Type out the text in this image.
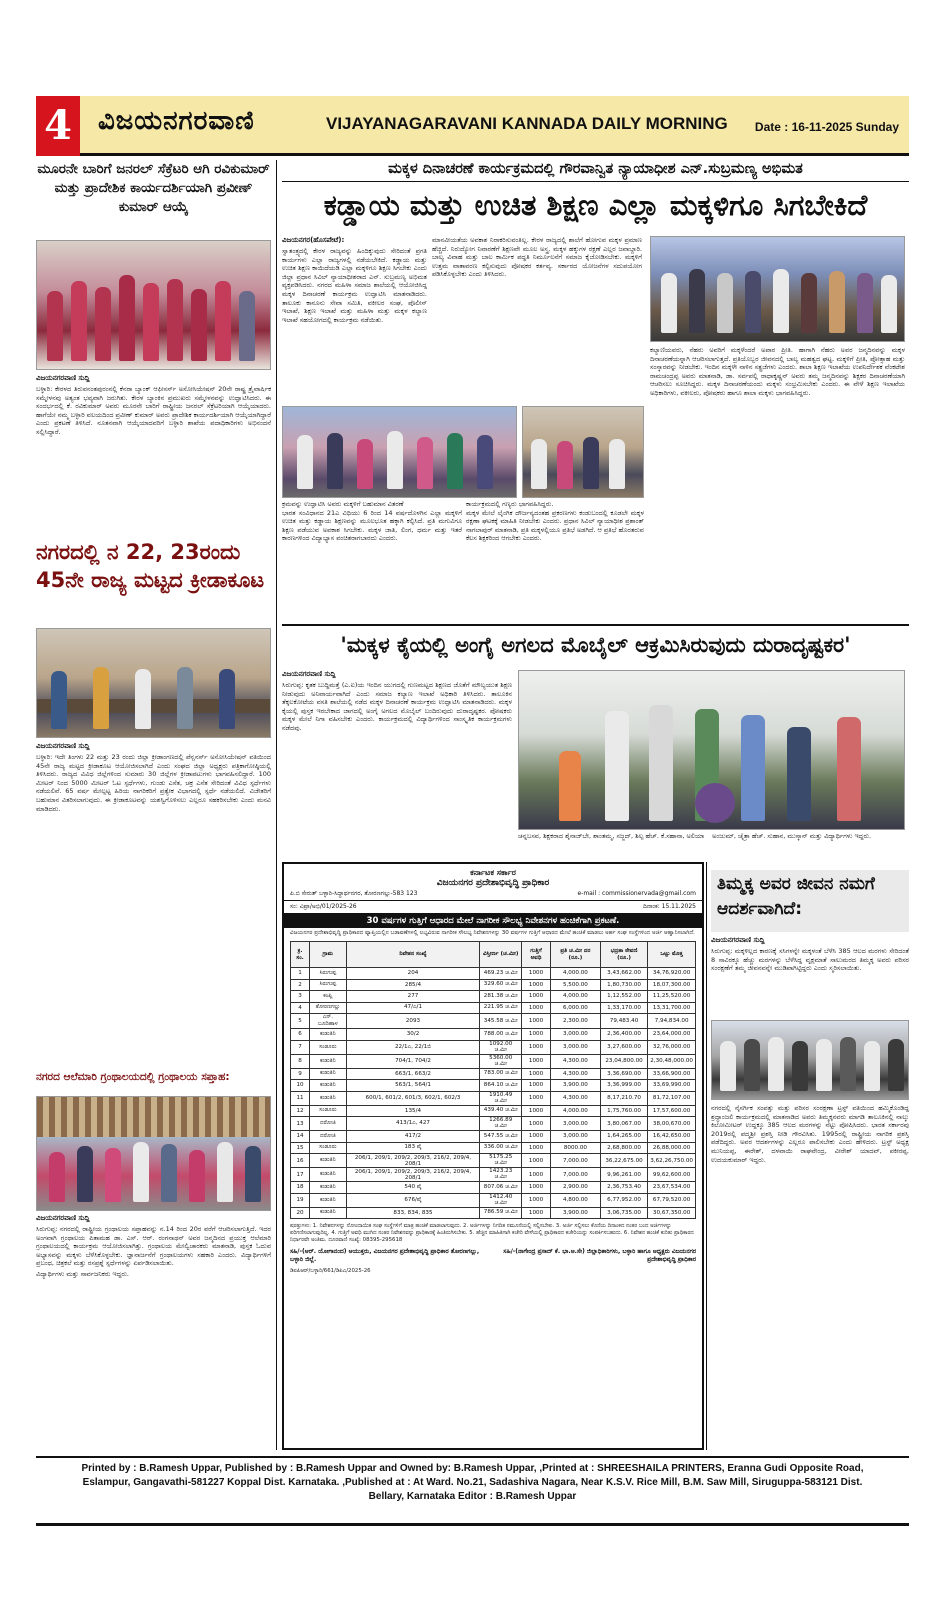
4	ವಿಜಯನಗರವಾಣಿ	VIJAYANAGARAVANI KANNADA DAILY MORNING Date : 16-11-2025 Sunday
ಮೂರನೇ ಬಾರಿಗೆ ಜನರಲ್ ಸೆಕ್ರೆಟರಿ ಆಗಿ ರವಿಕುಮಾರ್ ಮತ್ತು ಪ್ರಾದೇಶಿಕ ಕಾರ್ಯದರ್ಶಿಯಾಗಿ ಪ್ರವೀಣ್ ಕುಮಾರ್ ಆಯ್ಕೆ
ವಿಜಯನಗರವಾಣಿ ಸುದ್ದಿ
ಬಳ್ಳಾರಿ: ಕೇರಳದ ತಿರುವನಂತಪುರಂನಲ್ಲಿ ಕೆನರಾ ಬ್ಯಾಂಕ್ ಆಫೀಸರ್ಸ್ ಅಸೋಸಿಯೇಷನ್ 20ನೇ ರಾಷ್ಟ್ರ ತ್ರೈವಾರ್ಷಿಕ ಸಮ್ಮೇಳನವು ಅತ್ಯಂತ ಭವ್ಯವಾಗಿ ಜರುಗಿತು. ಕೇರಳ ಬ್ಯಾಂಕಿನ ಪ್ರಮುಖರು ಸಮ್ಮೇಳನವನ್ನು ಉದ್ಘಾಟಿಸಿದರು. ಈ ಸಂದರ್ಭದಲ್ಲಿ ಕೆ. ರವಿಕುಮಾರ್ ಅವರು ಮೂರನೇ ಬಾರಿಗೆ ರಾಷ್ಟ್ರೀಯ ಜನರಲ್ ಸೆಕ್ರೆಟರಿಯಾಗಿ ಆಯ್ಕೆಯಾದರು. ಹಾಗೆಯೇ ನಮ್ಮ ಬಳ್ಳಾರಿ ವಲಯದಿಂದ ಪ್ರವೀಣ್ ಕುಮಾರ್ ಅವರು ಪ್ರಾದೇಶಿಕ ಕಾರ್ಯದರ್ಶಿಯಾಗಿ ಆಯ್ಕೆಯಾಗಿದ್ದಾರೆ ಎಂದು ಪ್ರಕಟಣೆ ತಿಳಿಸಿದೆ. ನೂತನವಾಗಿ ಆಯ್ಕೆಯಾದವರಿಗೆ ಬಳ್ಳಾರಿ ಶಾಖೆಯ ಪದಾಧಿಕಾರಿಗಳು ಅಭಿನಂದನೆ ಸಲ್ಲಿಸಿದ್ದಾರೆ.
ನಗರದಲ್ಲಿ ನ 22, 23ರಂದು 45ನೇ ರಾಜ್ಯ ಮಟ್ಟದ ಕ್ರೀಡಾಕೂಟ
ವಿಜಯನಗರವಾಣಿ ಸುದ್ದಿ
ಬಳ್ಳಾರಿ: ಇದೇ ತಿಂಗಳು 22 ಮತ್ತು 23 ರಂದು ಜಿಲ್ಲಾ ಕ್ರೀಡಾಂಗಣದಲ್ಲಿ ಪೆನ್ಷನರ್ಸ್ ಅಸೋಸಿಯೇಷನ್ ವತಿಯಿಂದ 45ನೇ ರಾಜ್ಯ ಮಟ್ಟದ ಕ್ರೀಡಾಕೂಟ ಆಯೋಜಿಸಲಾಗಿದೆ ಎಂದು ಸಂಘದ ಜಿಲ್ಲಾ ಅಧ್ಯಕ್ಷರು ಪತ್ರಿಕಾಗೋಷ್ಠಿಯಲ್ಲಿ ತಿಳಿಸಿದರು. ರಾಜ್ಯದ ವಿವಿಧ ಜಿಲ್ಲೆಗಳಿಂದ ಸುಮಾರು 30 ಜಿಲ್ಲೆಗಳ ಕ್ರೀಡಾಪಟುಗಳು ಭಾಗವಹಿಸಲಿದ್ದಾರೆ. 100 ಮೀಟರ್ ನಿಂದ 5000 ಮೀಟರ್ ಓಟ ಸ್ಪರ್ಧೆಗಳು, ಗುಂಡು ಎಸೆತ, ಚಕ್ರ ಎಸೆತ ಸೇರಿದಂತೆ ವಿವಿಧ ಸ್ಪರ್ಧೆಗಳು ನಡೆಯಲಿವೆ. 65 ವರ್ಷ ಮೇಲ್ಪಟ್ಟ ಹಿರಿಯ ನಾಗರಿಕರಿಗೆ ಪ್ರತ್ಯೇಕ ವಿಭಾಗದಲ್ಲಿ ಸ್ಪರ್ಧೆ ನಡೆಯಲಿದೆ. ವಿಜೇತರಿಗೆ ಬಹುಮಾನ ವಿತರಿಸಲಾಗುವುದು. ಈ ಕ್ರೀಡಾಕೂಟವನ್ನು ಯಶಸ್ವಿಗೊಳಿಸಲು ಎಲ್ಲರೂ ಸಹಕರಿಸಬೇಕು ಎಂದು ಮನವಿ ಮಾಡಿದರು.
ನಗರದ ಆಲೆಮಾರಿ ಗ್ರಂಥಾಲಯದಲ್ಲಿ ಗ್ರಂಥಾಲಯ ಸಪ್ತಾಹ:
ವಿಜಯನಗರವಾಣಿ ಸುದ್ದಿ
ಸಿರುಗುಪ್ಪ: ನಗರದಲ್ಲಿ ರಾಷ್ಟ್ರೀಯ ಗ್ರಂಥಾಲಯ ಸಪ್ತಾಹವನ್ನು ನ.14 ರಿಂದ 20ರ ವರೆಗೆ ಆಚರಿಸಲಾಗುತ್ತಿದೆ. ಇದರ ಅಂಗವಾಗಿ ಗ್ರಂಥಾಲಯ ಪಿತಾಮಹ ಡಾ. ಎಸ್. ಆರ್. ರಂಗನಾಥನ್ ಅವರ ಜನ್ಮದಿನದ ಪ್ರಯುಕ್ತ ಆಲೆಮಾರಿ ಗ್ರಂಥಾಲಯದಲ್ಲಿ ಕಾರ್ಯಕ್ರಮ ಆಯೋಜಿಸಲಾಗಿತ್ತು. ಗ್ರಂಥಾಲಯ ಮೇಲ್ವಿಚಾರಕರು ಮಾತನಾಡಿ, ಪುಸ್ತಕ ಓದುವ ಅಭ್ಯಾಸವನ್ನು ಮಕ್ಕಳು ಬೆಳೆಸಿಕೊಳ್ಳಬೇಕು. ಜ್ಞಾನಾರ್ಜನೆಗೆ ಗ್ರಂಥಾಲಯಗಳು ಸಹಕಾರಿ ಎಂದರು. ವಿದ್ಯಾರ್ಥಿಗಳಿಗೆ ಪ್ರಬಂಧ, ಚಿತ್ರಕಲೆ ಮತ್ತು ರಸಪ್ರಶ್ನೆ ಸ್ಪರ್ಧೆಗಳನ್ನು ಏರ್ಪಡಿಸಲಾಯಿತು.
ವಿದ್ಯಾರ್ಥಿಗಳು ಮತ್ತು ಸಾರ್ವಜನಿಕರು ಇದ್ದರು.
ಮಕ್ಕಳ ದಿನಾಚರಣೆ ಕಾರ್ಯಕ್ರಮದಲ್ಲಿ ಗೌರವಾನ್ವಿತ ನ್ಯಾಯಾಧೀಶ ಎನ್.ಸುಬ್ರಮಣ್ಯ ಅಭಿಮತ
ಕಡ್ಡಾಯ ಮತ್ತು ಉಚಿತ ಶಿಕ್ಷಣ ಎಲ್ಲಾ ಮಕ್ಕಳಿಗೂ ಸಿಗಬೇಕಿದೆ
ವಿಜಯನಗರ(ಹೊಸಪೇಟೆ):
ಸ್ವಾತಂತ್ರ್ಯದಲ್ಲಿ ಕೇರಳ ರಾಜ್ಯವನ್ನು ಹಿಂದಿಕ್ಕುವುದು ಸೇರಿದಂತೆ ಪ್ರಗತಿ ಕಾರ್ಯಗಳು ಎಲ್ಲಾ ರಾಜ್ಯಗಳಲ್ಲಿ ನಡೆಯಬೇಕಿದೆ. ಕಡ್ಡಾಯ ಮತ್ತು ಉಚಿತ ಶಿಕ್ಷಣ ಕಾಯಿದೆಯಡಿ ಎಲ್ಲಾ ಮಕ್ಕಳಿಗೂ ಶಿಕ್ಷಣ ಸಿಗಬೇಕು ಎಂದು ಜಿಲ್ಲಾ ಪ್ರಧಾನ ಸಿವಿಲ್ ನ್ಯಾಯಾಧೀಶರಾದ ಎನ್. ಸುಬ್ರಮಣ್ಯ ಅಭಿಮತ ವ್ಯಕ್ತಪಡಿಸಿದರು. ನಗರದ ಮಹಿಳಾ ಸಮಾಜ ಶಾಲೆಯಲ್ಲಿ ಆಯೋಜಿಸಿದ್ದ ಮಕ್ಕಳ ದಿನಾಚರಣೆ ಕಾರ್ಯಕ್ರಮ ಉದ್ಘಾಟಿಸಿ ಮಾತನಾಡಿದರು. ತಾಲೂಕು ಕಾನೂನು ಸೇವಾ ಸಮಿತಿ, ವಕೀಲರ ಸಂಘ, ಪೊಲೀಸ್ ಇಲಾಖೆ, ಶಿಕ್ಷಣ ಇಲಾಖೆ ಮತ್ತು ಮಹಿಳಾ ಮತ್ತು ಮಕ್ಕಳ ಕಲ್ಯಾಣ ಇಲಾಖೆ ಸಹಯೋಗದಲ್ಲಿ ಕಾರ್ಯಕ್ರಮ ನಡೆಯಿತು.
ಮಾನವೀಯತೆಯ ಅವಕಾಶ ನಿರಾಕರಿಸುವಂತಿಲ್ಲ. ಕೇರಳ ರಾಜ್ಯದಲ್ಲಿ ಶಾಲೆಗೆ ಹೋಗುವ ಮಕ್ಕಳ ಪ್ರಮಾಣ ಹೆಚ್ಚಿದೆ. ನಿರುದ್ಯೋಗ ನಿವಾರಣೆಗೆ ಶಿಕ್ಷಣವೇ ಮೂಲ ಅಸ್ತ್ರ. ಮಕ್ಕಳ ಹಕ್ಕುಗಳ ರಕ್ಷಣೆ ಎಲ್ಲರ ಜವಾಬ್ದಾರಿ. ಬಾಲ್ಯ ವಿವಾಹ ಮತ್ತು ಬಾಲ ಕಾರ್ಮಿಕ ಪದ್ಧತಿ ನಿರ್ಮೂಲನೆಗೆ ಸಮಾಜ ಕೈಜೋಡಿಸಬೇಕು. ಮಕ್ಕಳಿಗೆ ಉತ್ತಮ ವಾತಾವರಣ ಕಲ್ಪಿಸುವುದು ಪೋಷಕರ ಕರ್ತವ್ಯ. ಸರ್ಕಾರದ ಯೋಜನೆಗಳ ಸದುಪಯೋಗ ಪಡಿಸಿಕೊಳ್ಳಬೇಕು ಎಂದು ತಿಳಿಸಿದರು.
ಕಲ್ಯಾಣಿಯವರು, ನೆಹರು ಅವರಿಗೆ ಮಕ್ಕಳೆಂದರೆ ಅಪಾರ ಪ್ರೀತಿ. ಹಾಗಾಗಿ ನೆಹರು ಅವರ ಜನ್ಮದಿನವನ್ನು ಮಕ್ಕಳ ದಿನಾಚರಣೆಯನ್ನಾಗಿ ಆಚರಿಸಲಾಗುತ್ತದೆ. ಪ್ರತಿಯೊಬ್ಬರ ಜೀವನದಲ್ಲಿ ಬಾಲ್ಯ ಮಹತ್ವದ ಘಟ್ಟ. ಮಕ್ಕಳಿಗೆ ಪ್ರೀತಿ, ಪ್ರೋತ್ಸಾಹ ಮತ್ತು ಸಂಸ್ಕಾರವನ್ನು ನೀಡಬೇಕು. ಇಂದಿನ ಮಕ್ಕಳೇ ನಾಳಿನ ಸತ್ಪ್ರಜೆಗಳು ಎಂದರು. ಶಾಲಾ ಶಿಕ್ಷಣ ಇಲಾಖೆಯ ಉಪನಿರ್ದೇಶಕ ವೆಂಕಟೇಶ ರಾಮಚಂದ್ರಪ್ಪ ಅವರು ಮಾತನಾಡಿ, ಡಾ. ಸರ್ವಪಲ್ಲಿ ರಾಧಾಕೃಷ್ಣನ್ ಅವರು ತಮ್ಮ ಜನ್ಮದಿನವನ್ನು ಶಿಕ್ಷಕರ ದಿನಾಚರಣೆಯಾಗಿ ಆಚರಿಸಲು ಸೂಚಿಸಿದ್ದರು. ಮಕ್ಕಳ ದಿನಾಚರಣೆಯಂದು ಮಕ್ಕಳು ಸಂಭ್ರಮಿಸಬೇಕು ಎಂದರು. ಈ ವೇಳೆ ಶಿಕ್ಷಣ ಇಲಾಖೆಯ ಅಧಿಕಾರಿಗಳು, ವಕೀಲರು, ಪೋಷಕರು ಹಾಗೂ ಶಾಲಾ ಮಕ್ಕಳು ಭಾಗವಹಿಸಿದ್ದರು.
ಕ್ರಮವನ್ನು ಉದ್ಘಾಟಿಸಿ ಅವರು ಮಕ್ಕಳಿಗೆ ಬಹುಮಾನ ವಿತರಣೆ
ಭಾರತ ಸಂವಿಧಾನದ 21ಎ ವಿಧಿಯು 6 ರಿಂದ 14 ವರ್ಷದೊಳಗಿನ ಎಲ್ಲಾ ಮಕ್ಕಳಿಗೆ ಉಚಿತ ಮತ್ತು ಕಡ್ಡಾಯ ಶಿಕ್ಷಣವನ್ನು ಮೂಲಭೂತ ಹಕ್ಕಾಗಿ ಕಲ್ಪಿಸಿದೆ. ಪ್ರತಿ ಮಗುವಿಗೂ ಶಿಕ್ಷಣ ಪಡೆಯುವ ಅವಕಾಶ ಸಿಗಬೇಕು. ಮಕ್ಕಳ ಜಾತಿ, ಲಿಂಗ, ಧರ್ಮ ಮತ್ತು ಇತರೆ ಕಾರಣಗಳಿಂದ ವಿದ್ಯಾಭ್ಯಾಸ ವಂಚಿತರಾಗಬಾರದು ಎಂದರು.
ಕಾರ್ಯಕ್ರಮದಲ್ಲಿ ಗಣ್ಯರು ಭಾಗವಹಿಸಿದ್ದರು.
ಮಕ್ಕಳ ಮೇಲೆ ಲೈಂಗಿಕ ದೌರ್ಜನ್ಯದಂತಹ ಪ್ರಕರಣಗಳು ಕಂಡುಬಂದಲ್ಲಿ ಕೂಡಲೇ ಮಕ್ಕಳ ರಕ್ಷಣಾ ಘಟಕಕ್ಕೆ ಮಾಹಿತಿ ನೀಡಬೇಕು ಎಂದರು. ಪ್ರಧಾನ ಸಿವಿಲ್ ನ್ಯಾಯಾಧೀಶ ಪ್ರಶಾಂತ್ ನಾಗಲಾಪುರ್ ಮಾತನಾಡಿ, ಪ್ರತಿ ಮಕ್ಕಳಲ್ಲಿಯೂ ಪ್ರತಿಭೆ ಅಡಗಿದೆ. ಆ ಪ್ರತಿಭೆ ಹೊರತರುವ ಕೆಲಸ ಶಿಕ್ಷಕರಿಂದ ಆಗಬೇಕು ಎಂದರು.
'ಮಕ್ಕಳ ಕೈಯಲ್ಲಿ ಅಂಗೈ ಅಗಲದ ಮೊಬೈಲ್ ಆಕ್ರಮಿಸಿರುವುದು ದುರಾದೃಷ್ಟಕರ'
ವಿಜಯನಗರವಾಣಿ ಸುದ್ದಿ
ಸಿರುಗುಪ್ಪ: ಕೃತಕ ಬುದ್ಧಿಮತ್ತೆ (ಎ.ಐ)ಯ ಇಂದಿನ ಯುಗದಲ್ಲಿ ಗುಣಮಟ್ಟದ ಶಿಕ್ಷಣದ ಜೊತೆಗೆ ಮೌಲ್ಯಯುತ ಶಿಕ್ಷಣ ನೀಡುವುದು ಅನಿವಾರ್ಯವಾಗಿದೆ ಎಂದು ಸಮಾಜ ಕಲ್ಯಾಣ ಇಲಾಖೆ ಅಧಿಕಾರಿ ತಿಳಿಸಿದರು. ತಾಲೂಕಿನ ತೆಕ್ಕಲಕೋಟೆಯ ವಸತಿ ಶಾಲೆಯಲ್ಲಿ ನಡೆದ ಮಕ್ಕಳ ದಿನಾಚರಣೆ ಕಾರ್ಯಕ್ರಮ ಉದ್ಘಾಟಿಸಿ ಮಾತನಾಡಿದರು. ಮಕ್ಕಳ ಕೈಯಲ್ಲಿ ಪುಸ್ತಕ ಇರಬೇಕಾದ ಜಾಗದಲ್ಲಿ ಅಂಗೈ ಅಗಲದ ಮೊಬೈಲ್ ಬಂದಿರುವುದು ದುರಾದೃಷ್ಟಕರ. ಪೋಷಕರು ಮಕ್ಕಳ ಮೇಲೆ ನಿಗಾ ವಹಿಸಬೇಕು ಎಂದರು. ಕಾರ್ಯಕ್ರಮದಲ್ಲಿ ವಿದ್ಯಾರ್ಥಿಗಳಿಂದ ಸಾಂಸ್ಕೃತಿಕ ಕಾರ್ಯಕ್ರಮಗಳು ನಡೆದವು.
ಚನ್ನಬಸವ, ಶಿಕ್ಷಕರಾದ ಶೈನಾಜ್‌ಬೇ, ಶಾಂತಮ್ಮ, ಸಜ್ಜದ್, ಶಿಲ್ಪ ಹೆಚ್. ಕೆ.ಸಹಾನಾ, ಅಲಿಯಾ	ಅಂಜುಮ್, ಚೈತ್ರಾ ಹೆಚ್. ಸುಹಾನ, ಮುಸ್ಕಾನ್ ಮತ್ತು ವಿದ್ಯಾರ್ಥಿಗಳು ಇದ್ದರು.
ಕರ್ನಾಟಕ ಸರ್ಕಾರ
ವಿಜಯನಗರ ಪ್ರದೇಶಾಭಿವೃದ್ಧಿ ಪ್ರಾಧಿಕಾರ
ಪಿ.ಬಿ ಸೇರುತ್ ಬಳ್ಳಾರಿ-ಸಿದ್ಧಾರ್ಥನಗರ, ತೋರಣಗಲ್ಲು-583 123	e-mail : commissionervada@gmail.com
ಸಂ: ವಿಪ್ರಾ/ಅಭಿ/01/2025-26	ದಿನಾಂಕ: 15.11.2025
30 ವರ್ಷಗಳ ಗುತ್ತಿಗೆ ಆಧಾರದ ಮೇಲೆ ನಾಗರೀಕ ಸೌಲಭ್ಯ ನಿವೇಶನಗಳ ಹಂಚಿಕೆಗಾಗಿ ಪ್ರಕಟಣೆ.
ವಿಜಯನಗರ ಪ್ರದೇಶಾಭಿವೃದ್ಧಿ ಪ್ರಾಧಿಕಾರದ ವ್ಯಾಪ್ತಿಯಲ್ಲಿನ ಬಡಾವಣೆಗಳಲ್ಲಿ ಲಭ್ಯವಿರುವ ನಾಗರೀಕ ಸೌಲಭ್ಯ ನಿವೇಶನಗಳನ್ನು 30 ವರ್ಷಗಳ ಗುತ್ತಿಗೆ ಆಧಾರದ ಮೇಲೆ ಹಂಚಿಕೆ ಮಾಡಲು ಅರ್ಹ ಸಂಘ ಸಂಸ್ಥೆಗಳಿಂದ ಅರ್ಜಿ ಆಹ್ವಾನಿಸಲಾಗಿದೆ.
ಕ್ರ. ಸಂ.	ಗ್ರಾಮ	ನಿವೇಶನ ಸಂಖ್ಯೆ	ವಿಸ್ತೀರ್ಣ (ಚ.ಮೀ)	ಗುತ್ತಿಗೆ ಅವಧಿ	ಪ್ರತಿ ಚ.ಮೀ ದರ (ರೂ.)	ಭದ್ರತಾ ಠೇವಣಿ (ರೂ.)	ಒಟ್ಟು ಮೊತ್ತ
1	ಸಿರುಗುಪ್ಪ	204	469.23 ಚ.ಮೀ	1000	4,000.00	3,43,662.00	34,76,920.00
2	ಸಿರುಗುಪ್ಪ	285/4	329.60 ಚ.ಮೀ	1000	5,500.00	1,80,730.00	18,07,300.00
3	ಕಂಪ್ಲಿ	277	281.38 ಚ.ಮೀ	1000	4,000.00	1,12,552.00	11,25,520.00
4	ತೋರಣಗಲ್ಲು	47/ಎ/1	221.95 ಚ.ಮೀ	1000	6,000.00	1,33,170.00	13,31,700.00
5	ಎನ್. ಬೂದಿಹಾಳ	2093	345.58 ಚ.ಮೀ	1000	2,300.00	79,483.40	7,94,834.00
6	ಕುಡುತಿನಿ	30/2	788.00 ಚ.ಮೀ	1000	3,000.00	2,36,400.00	23,64,000.00
7	ಸಂಡೂರು	22/1ಎ, 22/1ಬಿ	1092.00 ಚ.ಮೀ	1000	3,000.00	3,27,600.00	32,76,000.00
8	ಕುಡುತಿನಿ	704/1, 704/2	5360.00 ಚ.ಮೀ	1000	4,300.00	23,04,800.00	2,30,48,000.00
9	ಕುಡುತಿನಿ	663/1, 663/2	783.00 ಚ.ಮೀ	1000	4,300.00	3,36,690.00	33,66,900.00
10	ಕುಡುತಿನಿ	563/1, 564/1	864.10 ಚ.ಮೀ	1000	3,900.00	3,36,999.00	33,69,990.00
11	ಕುಡುತಿನಿ	600/1, 601/2, 601/3, 602/1, 602/3	1910.49 ಚ.ಮೀ	1000	4,300.00	8,17,210.70	81,72,107.00
12	ಸಂಡೂರು	135/4	439.40 ಚ.ಮೀ	1000	4,000.00	1,75,760.00	17,57,600.00
13	ದರೋಜಿ	413/1ಎ, 427	1266.89 ಚ.ಮೀ	1000	3,000.00	3,80,067.00	38,00,670.00
14	ದರೋಜಿ	417/2	547.55 ಚ.ಮೀ	1000	3,000.00	1,64,265.00	16,42,650.00
15	ಸಂಡೂರು	183 ಪೈ	336.00 ಚ.ಮೀ	1000	8000.00	2,68,800.00	26,88,000.00
16	ಕುಡುತಿನಿ	206/1, 209/1, 209/2, 209/3, 216/2, 209/4, 208/1	5175.25 ಚ.ಮೀ	1000	7,000.00	36,22,675.00	3,62,26,750.00
17	ಕುಡುತಿನಿ	206/1, 209/1, 209/2, 209/3, 216/2, 209/4, 208/1	1423.23 ಚ.ಮೀ	1000	7,000.00	9,96,261.00	99,62,600.00
18	ಕುಡುತಿನಿ	540 ಪೈ	807.06 ಚ.ಮೀ	1000	2,900.00	2,36,753.40	23,67,534.00
19	ಕುಡುತಿನಿ	676/ಪೈ	1412.40 ಚ.ಮೀ	1000	4,800.00	6,77,952.00	67,79,520.00
20	ಕುಡುತಿನಿ	833, 834, 835	786.59 ಚ.ಮೀ	1000	3,900.00	3,06,735.00	30,67,350.00
ಷರತ್ತುಗಳು: 1. ನಿವೇಶನಗಳನ್ನು ನೋಂದಾಯಿತ ಸಂಘ ಸಂಸ್ಥೆಗಳಿಗೆ ಮಾತ್ರ ಹಂಚಿಕೆ ಮಾಡಲಾಗುವುದು. 2. ಅರ್ಜಿಗಳನ್ನು ನಿಗದಿತ ನಮೂನೆಯಲ್ಲಿ ಸಲ್ಲಿಸಬೇಕು. 3. ಅರ್ಜಿ ಸಲ್ಲಿಸಲು ಕೊನೆಯ ದಿನಾಂಕದ ನಂತರ ಬಂದ ಅರ್ಜಿಗಳನ್ನು ಪರಿಗಣಿಸಲಾಗುವುದಿಲ್ಲ. 4. ಗುತ್ತಿಗೆ ಅವಧಿ ಮುಗಿದ ನಂತರ ನಿವೇಶನವನ್ನು ಪ್ರಾಧಿಕಾರಕ್ಕೆ ಹಿಂತಿರುಗಿಸಬೇಕು. 5. ಹೆಚ್ಚಿನ ಮಾಹಿತಿಗಾಗಿ ಕಚೇರಿ ವೇಳೆಯಲ್ಲಿ ಪ್ರಾಧಿಕಾರದ ಕಚೇರಿಯನ್ನು ಸಂಪರ್ಕಿಸಬಹುದು. 6. ನಿವೇಶನ ಹಂಚಿಕೆ ಕುರಿತು ಪ್ರಾಧಿಕಾರದ ನಿರ್ಧಾರವೇ ಅಂತಿಮ. ದೂರವಾಣಿ ಸಂಖ್ಯೆ: 08395-295618
ಸಹಿ/-(ಆರ್. ಯೋಗಾನಂದ) ಆಯುಕ್ತರು, ವಿಜಯನಗರ ಪ್ರದೇಶಾಭಿವೃದ್ಧಿ ಪ್ರಾಧಿಕಾರ ತೋರಣಗಲ್ಲು, ಬಳ್ಳಾರಿ ಜಿಲ್ಲೆ.
ಸಹಿ/-(ನಾಗೇಂದ್ರ ಪ್ರಸಾದ್ ಕೆ. ಭಾ.ಆ.ಸೇ) ಜಿಲ್ಲಾಧಿಕಾರಿಗಳು, ಬಳ್ಳಾರಿ ಹಾಗೂ ಅಧ್ಯಕ್ಷರು ವಿಜಯನಗರ ಪ್ರದೇಶಾಭಿವೃದ್ಧಿ ಪ್ರಾಧಿಕಾರ
ಡಿಐಪಿಆರ್/ಬಳ್ಳಾರಿ/661/ಡಿಪಿಎ/2025-26
ತಿಮ್ಮಕ್ಕ ಅವರ ಜೀವನ ನಮಗೆ ಆದರ್ಶವಾಗಿದೆ:
ವಿಜಯನಗರವಾಣಿ ಸುದ್ದಿ
ಸಿರುಗುಪ್ಪ: ಮಕ್ಕಳಿಲ್ಲದ ಕಾರಣಕ್ಕೆ ಸಸಿಗಳನ್ನೇ ಮಕ್ಕಳಂತೆ ಬೆಳೆಸಿ 385 ಆಲದ ಮರಗಳು ಸೇರಿದಂತೆ 8 ಸಾವಿರಕ್ಕೂ ಹೆಚ್ಚು ಮರಗಳನ್ನು ಬೆಳೆಸಿದ್ದ ವೃಕ್ಷಮಾತೆ ಸಾಲುಮರದ ತಿಮ್ಮಕ್ಕ ಅವರು ಪರಿಸರ ಸಂರಕ್ಷಣೆಗೆ ತಮ್ಮ ಜೀವನವನ್ನೇ ಮುಡಿಪಾಗಿಟ್ಟಿದ್ದರು ಎಂದು ಸ್ಮರಿಸಲಾಯಿತು.
ನಗರದಲ್ಲಿ ನೈಸರ್ಗಿಕ ಸಂಪತ್ತು ಮತ್ತು ಪರಿಸರ ಸಂರಕ್ಷಣಾ ಟ್ರಸ್ಟ್ ವತಿಯಿಂದ ಹಮ್ಮಿಕೊಂಡಿದ್ದ ಶ್ರದ್ಧಾಂಜಲಿ ಕಾರ್ಯಕ್ರಮದಲ್ಲಿ ಮಾತನಾಡಿದ ಅವರು ತಿಮ್ಮಕ್ಕನವರು ಮಾಗಡಿ ತಾಲೂಕಿನಲ್ಲಿ ನಾಲ್ಕು ಕಿಲೋಮೀಟರ್ ಉದ್ದಕ್ಕೂ 385 ಆಲದ ಮರಗಳನ್ನು ನೆಟ್ಟು ಪೋಷಿಸಿದರು. ಭಾರತ ಸರ್ಕಾರವು 2019ರಲ್ಲಿ ಪದ್ಮಶ್ರೀ ಪ್ರಶಸ್ತಿ ನೀಡಿ ಗೌರವಿಸಿತು. 1995ರಲ್ಲಿ ರಾಷ್ಟ್ರೀಯ ನಾಗರಿಕ ಪ್ರಶಸ್ತಿ ಪಡೆದಿದ್ದರು. ಅವರ ಆದರ್ಶಗಳನ್ನು ಎಲ್ಲರೂ ಪಾಲಿಸಬೇಕು ಎಂದು ಹೇಳಿದರು. ಟ್ರಸ್ಟ್ ಅಧ್ಯಕ್ಷ ಮುನಿಯಪ್ಪ, ಈರೇಶ್, ದಳವಾಯಿ ರಾಘವೇಂದ್ರ, ವೀರೇಶ್ ಯಾದವ್, ಪಕೀರಪ್ಪ, ಉದಯಕುಮಾರ್ ಇದ್ದರು.
Printed by : B.Ramesh Uppar, Published by : B.Ramesh Uppar and Owned by: B.Ramesh Uppar, ,Printed at : SHREESHAILA PRINTERS, Eranna Gudi Opposite Road,
Eslampur, Gangavathi-581227 Koppal Dist. Karnataka. ,Published at : At Ward. No.21, Sadashiva Nagara, Near K.S.V. Rice Mill, B.M. Saw Mill, Siruguppa-583121 Dist.
Bellary, Karnataka Editor : B.Ramesh Uppar
